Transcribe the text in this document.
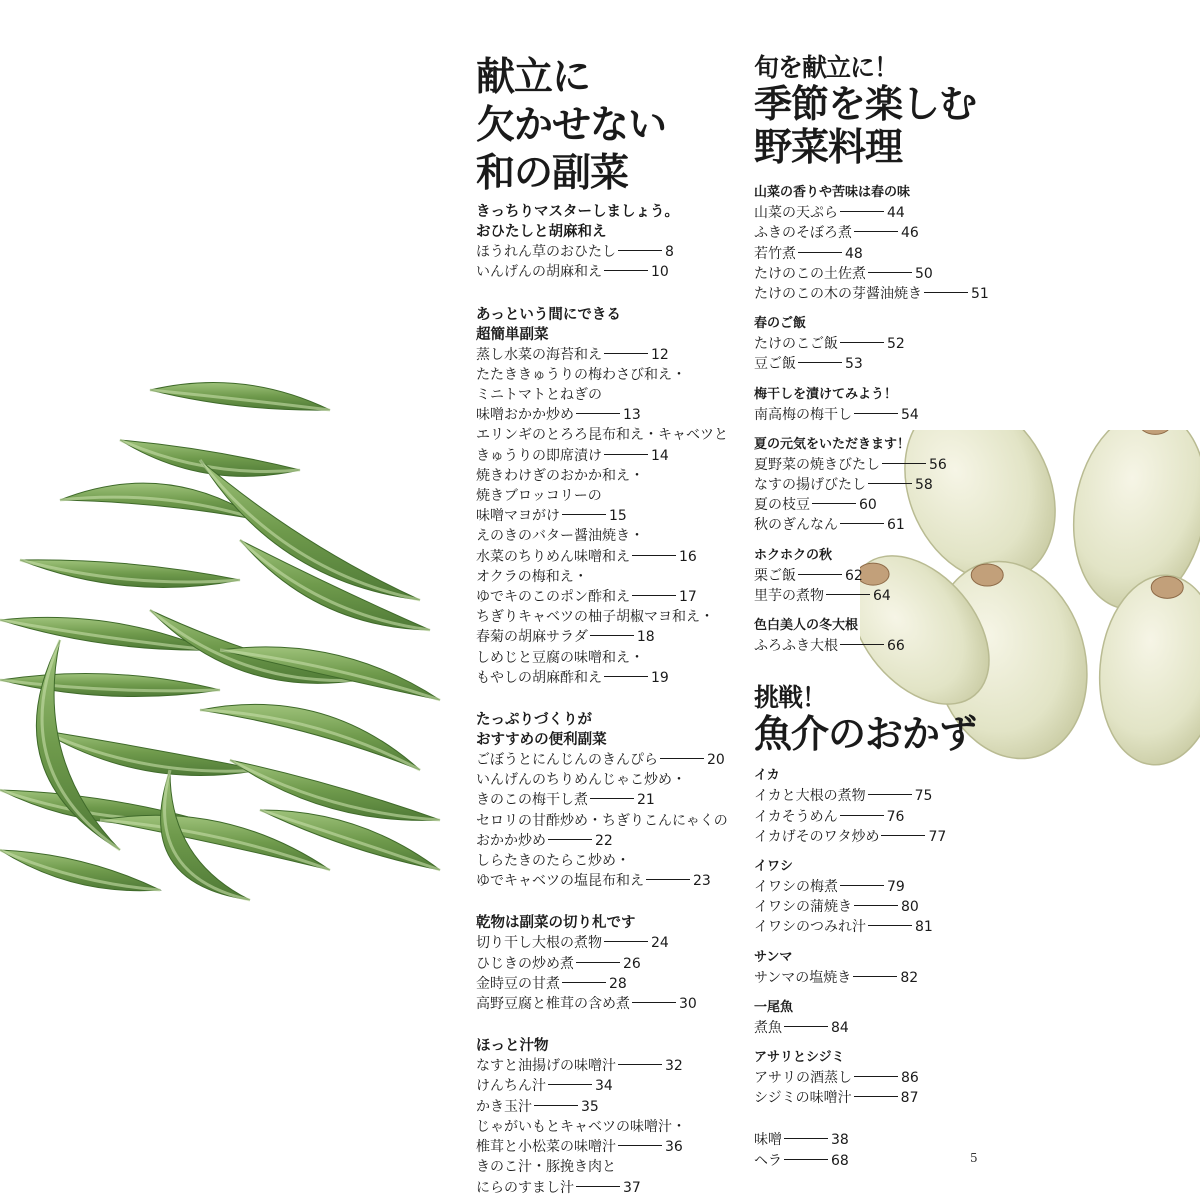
献立に

欠かせない

和の副菜

きっちりマスターしましょう。
おひたしと胡麻和え

ほうれん草のおひたし	8
いんげんの胡麻和え	10

あっという間にできる
超簡単副菜

蒸し水菜の海苔和え	12
たたききゅうりの梅わさび和え・
ミニトマトとねぎの
味噌おかか炒め	13
エリンギのとろろ昆布和え・キャベツと
きゅうりの即席漬け	14
焼きわけぎのおかか和え・
焼きブロッコリーの
味噌マヨがけ	15
えのきのバター醤油焼き・
水菜のちりめん味噌和え	16
オクラの梅和え・
ゆでキのこのポン酢和え	17
ちぎりキャベツの柚子胡椒マヨ和え・
春菊の胡麻サラダ	18
しめじと豆腐の味噌和え・
もやしの胡麻酢和え	19

たっぷりづくりが
おすすめの便利副菜

ごぼうとにんじんのきんぴら	20
いんげんのちりめんじゃこ炒め・
きのこの梅干し煮	21
セロリの甘酢炒め・ちぎりこんにゃくの
おかか炒め	22
しらたきのたらこ炒め・
ゆでキャベツの塩昆布和え	23

乾物は副菜の切り札です

切り干し大根の煮物	24
ひじきの炒め煮	26
金時豆の甘煮	28
高野豆腐と椎茸の含め煮	30

ほっと汁物

なすと油揚げの味噌汁	32
けんちん汁	34
かき玉汁	35
じゃがいもとキャベツの味噌汁・
椎茸と小松菜の味噌汁	36
きのこ汁・豚挽き肉と
にらのすまし汁	37

旬を献立に！

季節を楽しむ

野菜料理

山菜の香りや苦味は春の味

山菜の天ぷら	44
ふきのそぼろ煮	46
若竹煮	48
たけのこの土佐煮	50
たけのこの木の芽醤油焼き	51

春のご飯

たけのこご飯	52
豆ご飯	53

梅干しを漬けてみよう！

南高梅の梅干し	54

夏の元気をいただきます！

夏野菜の焼きびたし	56
なすの揚げびたし	58
夏の枝豆	60
秋のぎんなん	61

ホクホクの秋

栗ご飯	62
里芋の煮物	64

色白美人の冬大根

ふろふき大根	66

挑戦！

魚介のおかず

イカ

イカと大根の煮物	75
イカそうめん	76
イカげそのワタ炒め	77

イワシ

イワシの梅煮	79
イワシの蒲焼き	80
イワシのつみれ汁	81

サンマ

サンマの塩焼き	82

一尾魚

煮魚	84

アサリとシジミ

アサリの酒蒸し	86
シジミの味噌汁	87
味噌	38
ヘラ	68	5
